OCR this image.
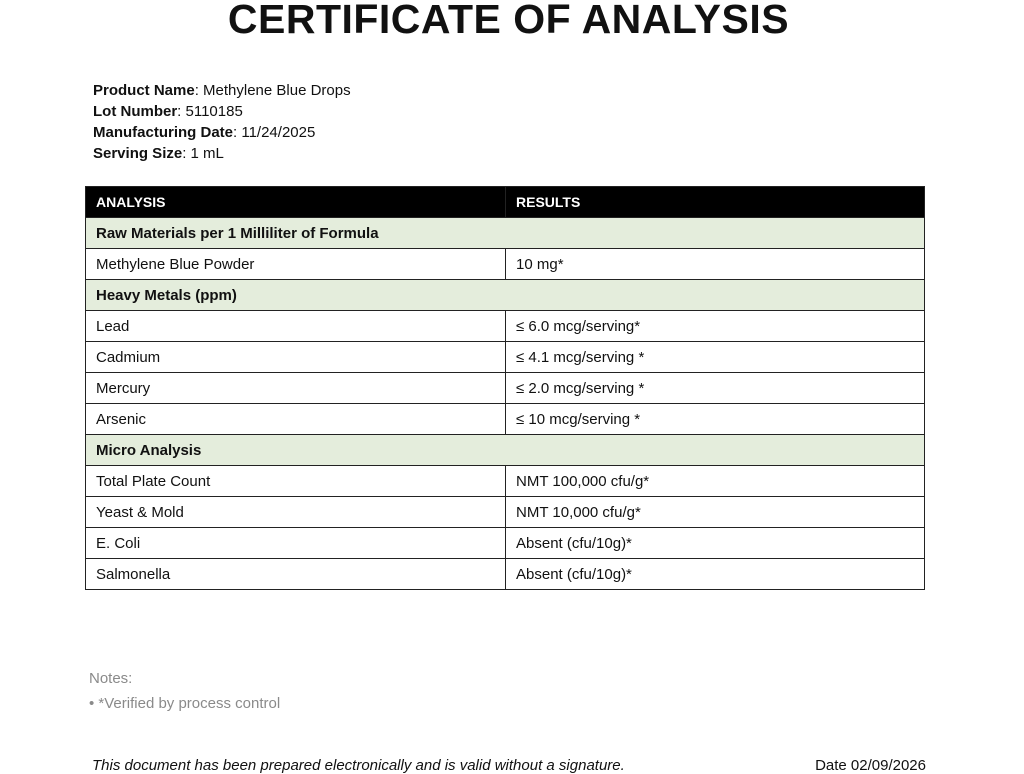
CERTIFICATE OF ANALYSIS
Product Name: Methylene Blue Drops
Lot Number: 5110185
Manufacturing Date: 11/24/2025
Serving Size: 1 mL
ANALYSIS	RESULTS
Raw Materials per 1 Milliliter of Formula	
Methylene Blue Powder	10 mg*
Heavy Metals (ppm)	
Lead	≤ 6.0 mcg/serving*
Cadmium	≤ 4.1 mcg/serving *
Mercury	≤ 2.0 mcg/serving *
Arsenic	≤ 10 mcg/serving *
Micro Analysis	
Total Plate Count	NMT 100,000 cfu/g*
Yeast & Mold	NMT 10,000 cfu/g*
E. Coli	Absent (cfu/10g)*
Salmonella	Absent (cfu/10g)*
Notes:
• *Verified by process control
This document has been prepared electronically and is valid without a signature.	Date 02/09/2026
